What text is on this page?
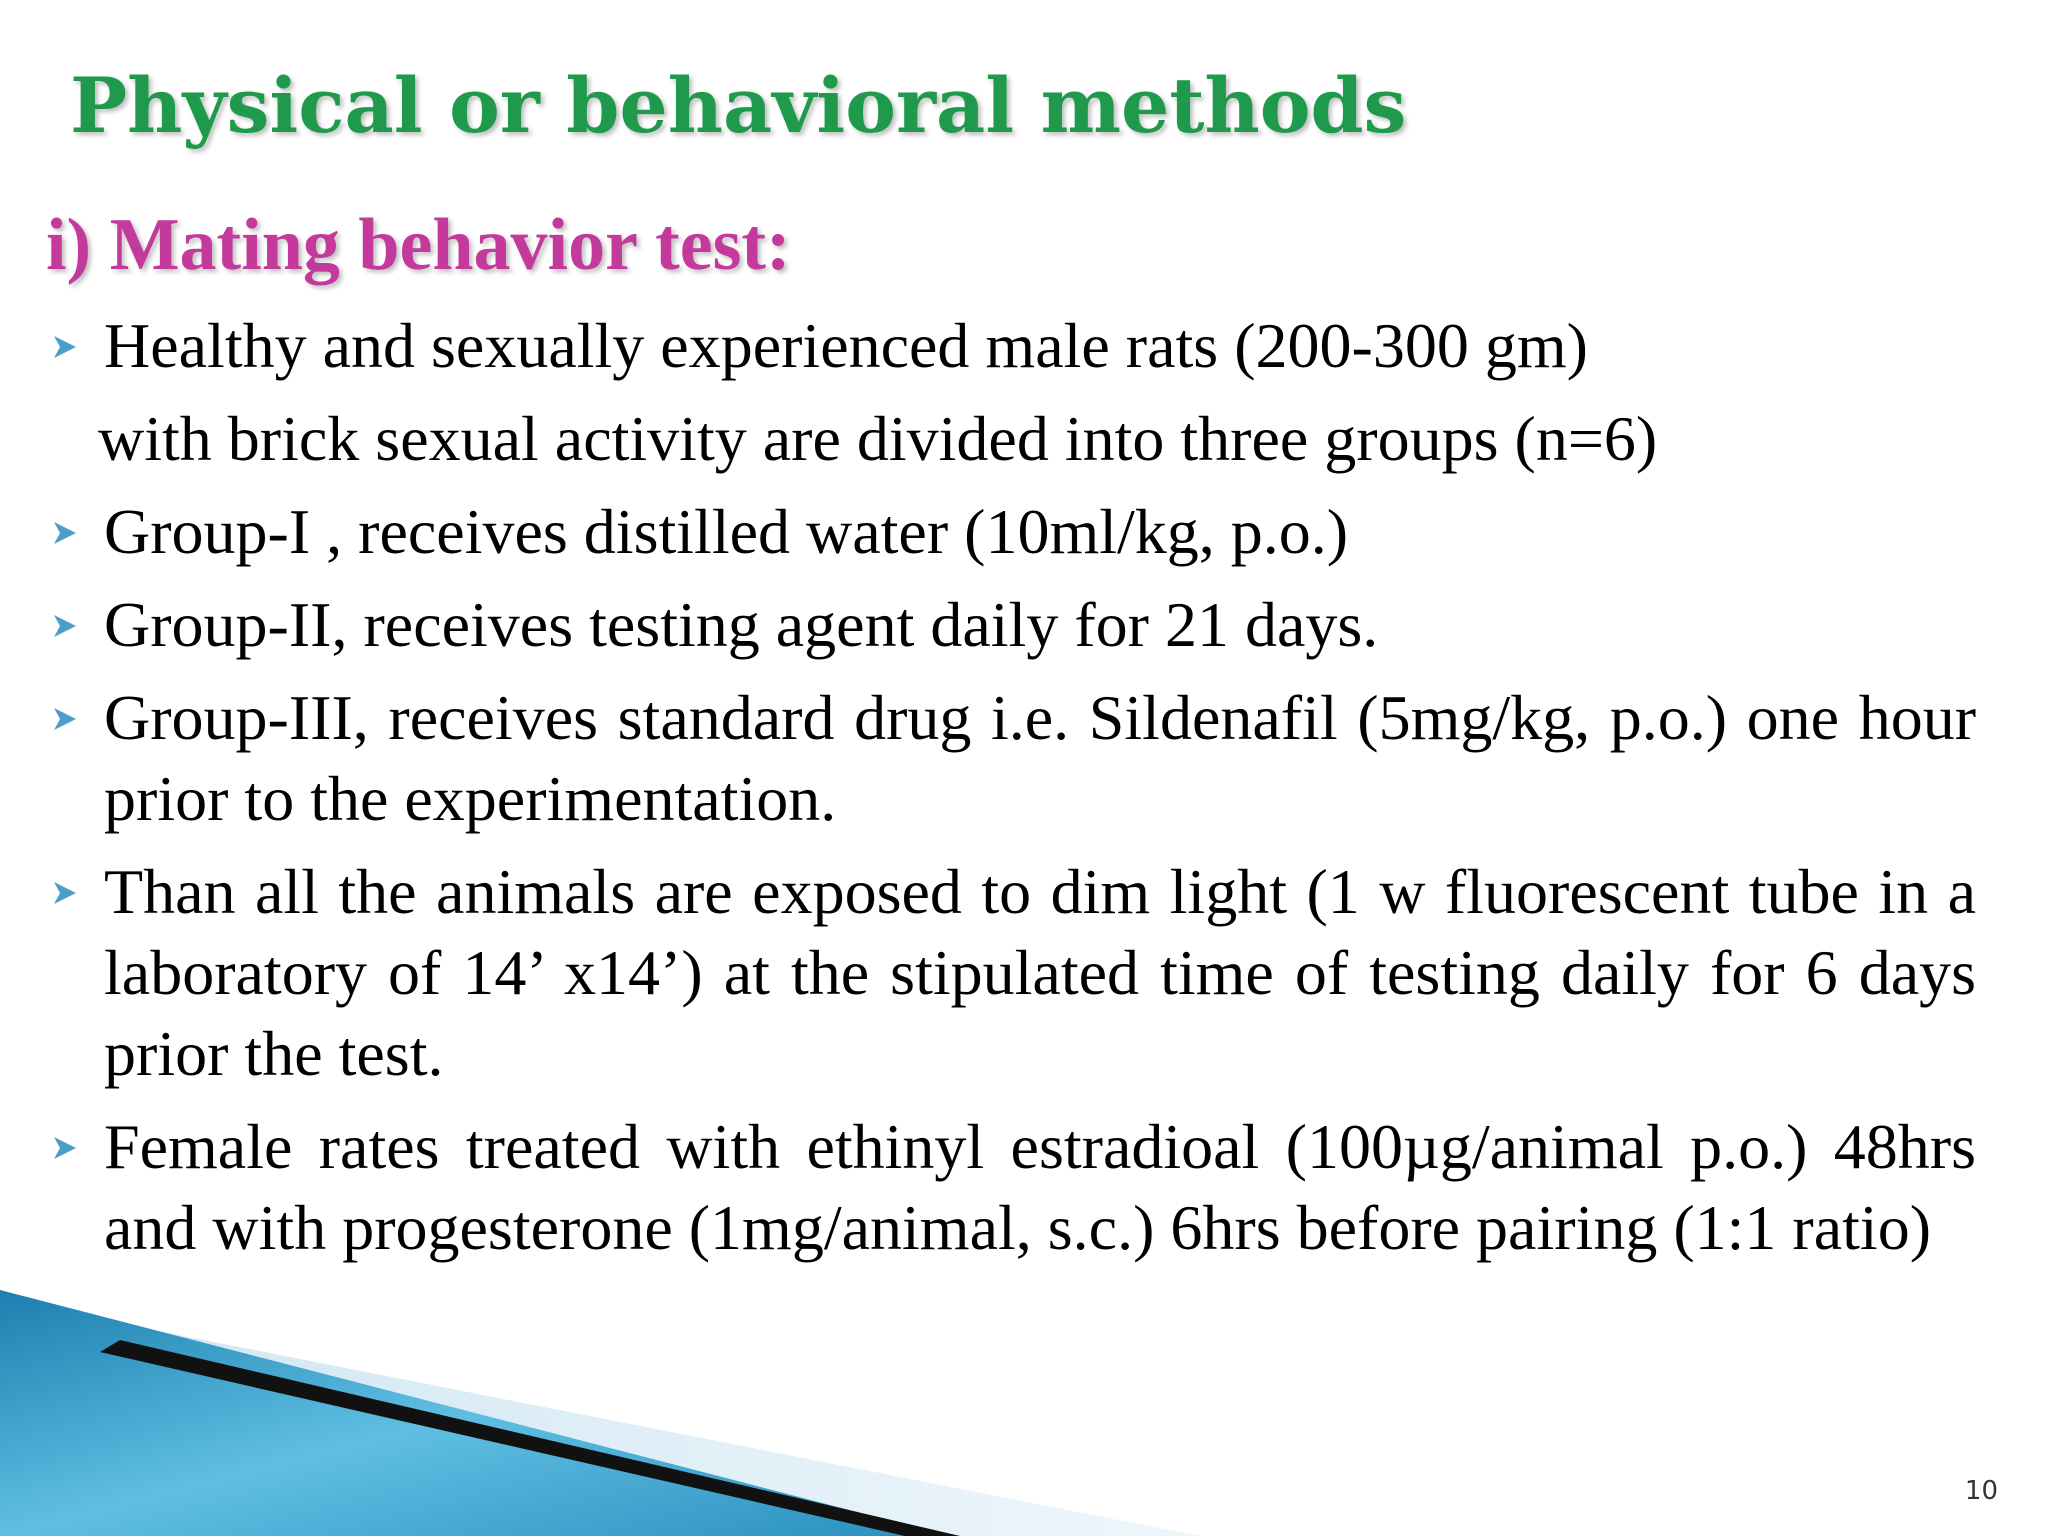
Physical or behavioral methods
i) Mating behavior test:
Healthy and sexually experienced male rats (200-300 gm)
with brick sexual activity are divided into three groups (n=6)
Group-I , receives distilled water (10ml/kg, p.o.)
Group-II, receives testing agent daily for 21 days.
Group-III, receives standard drug i.e. Sildenafil (5mg/kg, p.o.) one hour prior to the experimentation.
Than all the animals are exposed to dim light (1 w fluorescent tube in a laboratory of 14’ x14’) at the stipulated time of testing daily for 6 days prior the test.
Female rates treated with ethinyl estradioal (100µg/animal p.o.) 48hrs and with progesterone (1mg/animal, s.c.) 6hrs before pairing (1:1 ratio)
10
